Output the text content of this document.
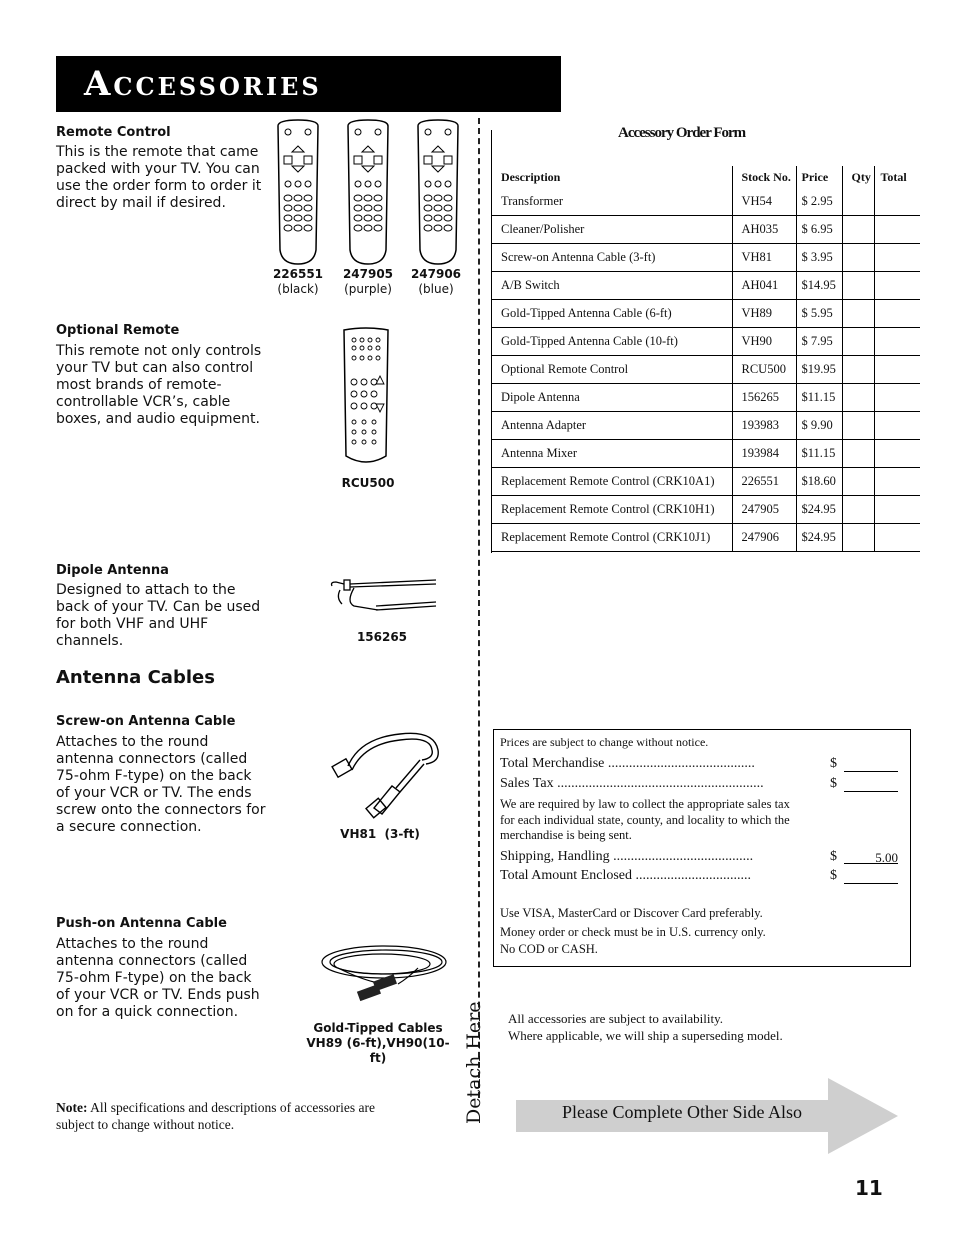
Accessories
Remote Control
This is the remote that came packed with your TV. You can use the order form to order it direct by mail if desired.
226551
(black)
247905
(purple)
247906
(blue)
Optional Remote
This remote not only controls your TV but can also control most brands of remote-controllable VCR’s, cable boxes, and audio equipment.
RCU500
Dipole Antenna
Designed to attach to the back of your TV. Can be used for both VHF and UHF channels.	156265
Antenna Cables
Screw-on Antenna Cable
Attaches to the round antenna connectors (called 75-ohm F-type) on the back of your VCR or TV. The ends screw onto the connectors for a secure connection.	VH81  (3-ft)
Push-on Antenna Cable
Attaches to the round antenna connectors (called 75-ohm F-type) on the back of your VCR or TV. Ends push on for a quick connection.
Gold-Tipped Cables
VH89 (6-ft),VH90(10-ft)
Note: All specifications and descriptions of accessories are subject to change without notice.
Detach Here
Accessory Order Form
Description	Stock No.	Price	Qty	Total
Transformer	VH54	$ 2.95		
Cleaner/Polisher	AH035	$ 6.95		
Screw-on Antenna Cable (3-ft)	VH81	$ 3.95		
A/B Switch	AH041	$14.95		
Gold-Tipped Antenna Cable (6-ft)	VH89	$ 5.95		
Gold-Tipped Antenna Cable (10-ft)	VH90	$ 7.95		
Optional Remote Control	RCU500	$19.95		
Dipole Antenna	156265	$11.15		
Antenna Adapter	193983	$ 9.90		
Antenna Mixer	193984	$11.15		
Replacement Remote Control (CRK10A1)	226551	$18.60		
Replacement Remote Control (CRK10H1)	247905	$24.95		
Replacement Remote Control (CRK10J1)	247906	$24.95		
Prices are subject to change without notice.
Total Merchandise ..........................................	$
Sales Tax ...........................................................	$
We are required by law to collect the appropriate sales tax for each individual state, county, and locality to which the merchandise is being sent.
Shipping, Handling ........................................	$	5.00
Total Amount Enclosed .................................	$
Use VISA, MasterCard or Discover Card preferably.
Money order or check must be in U.S. currency only.
No COD or CASH.
All accessories are subject to availability.
Where applicable, we will ship a superseding model.
Please Complete Other Side Also
11
